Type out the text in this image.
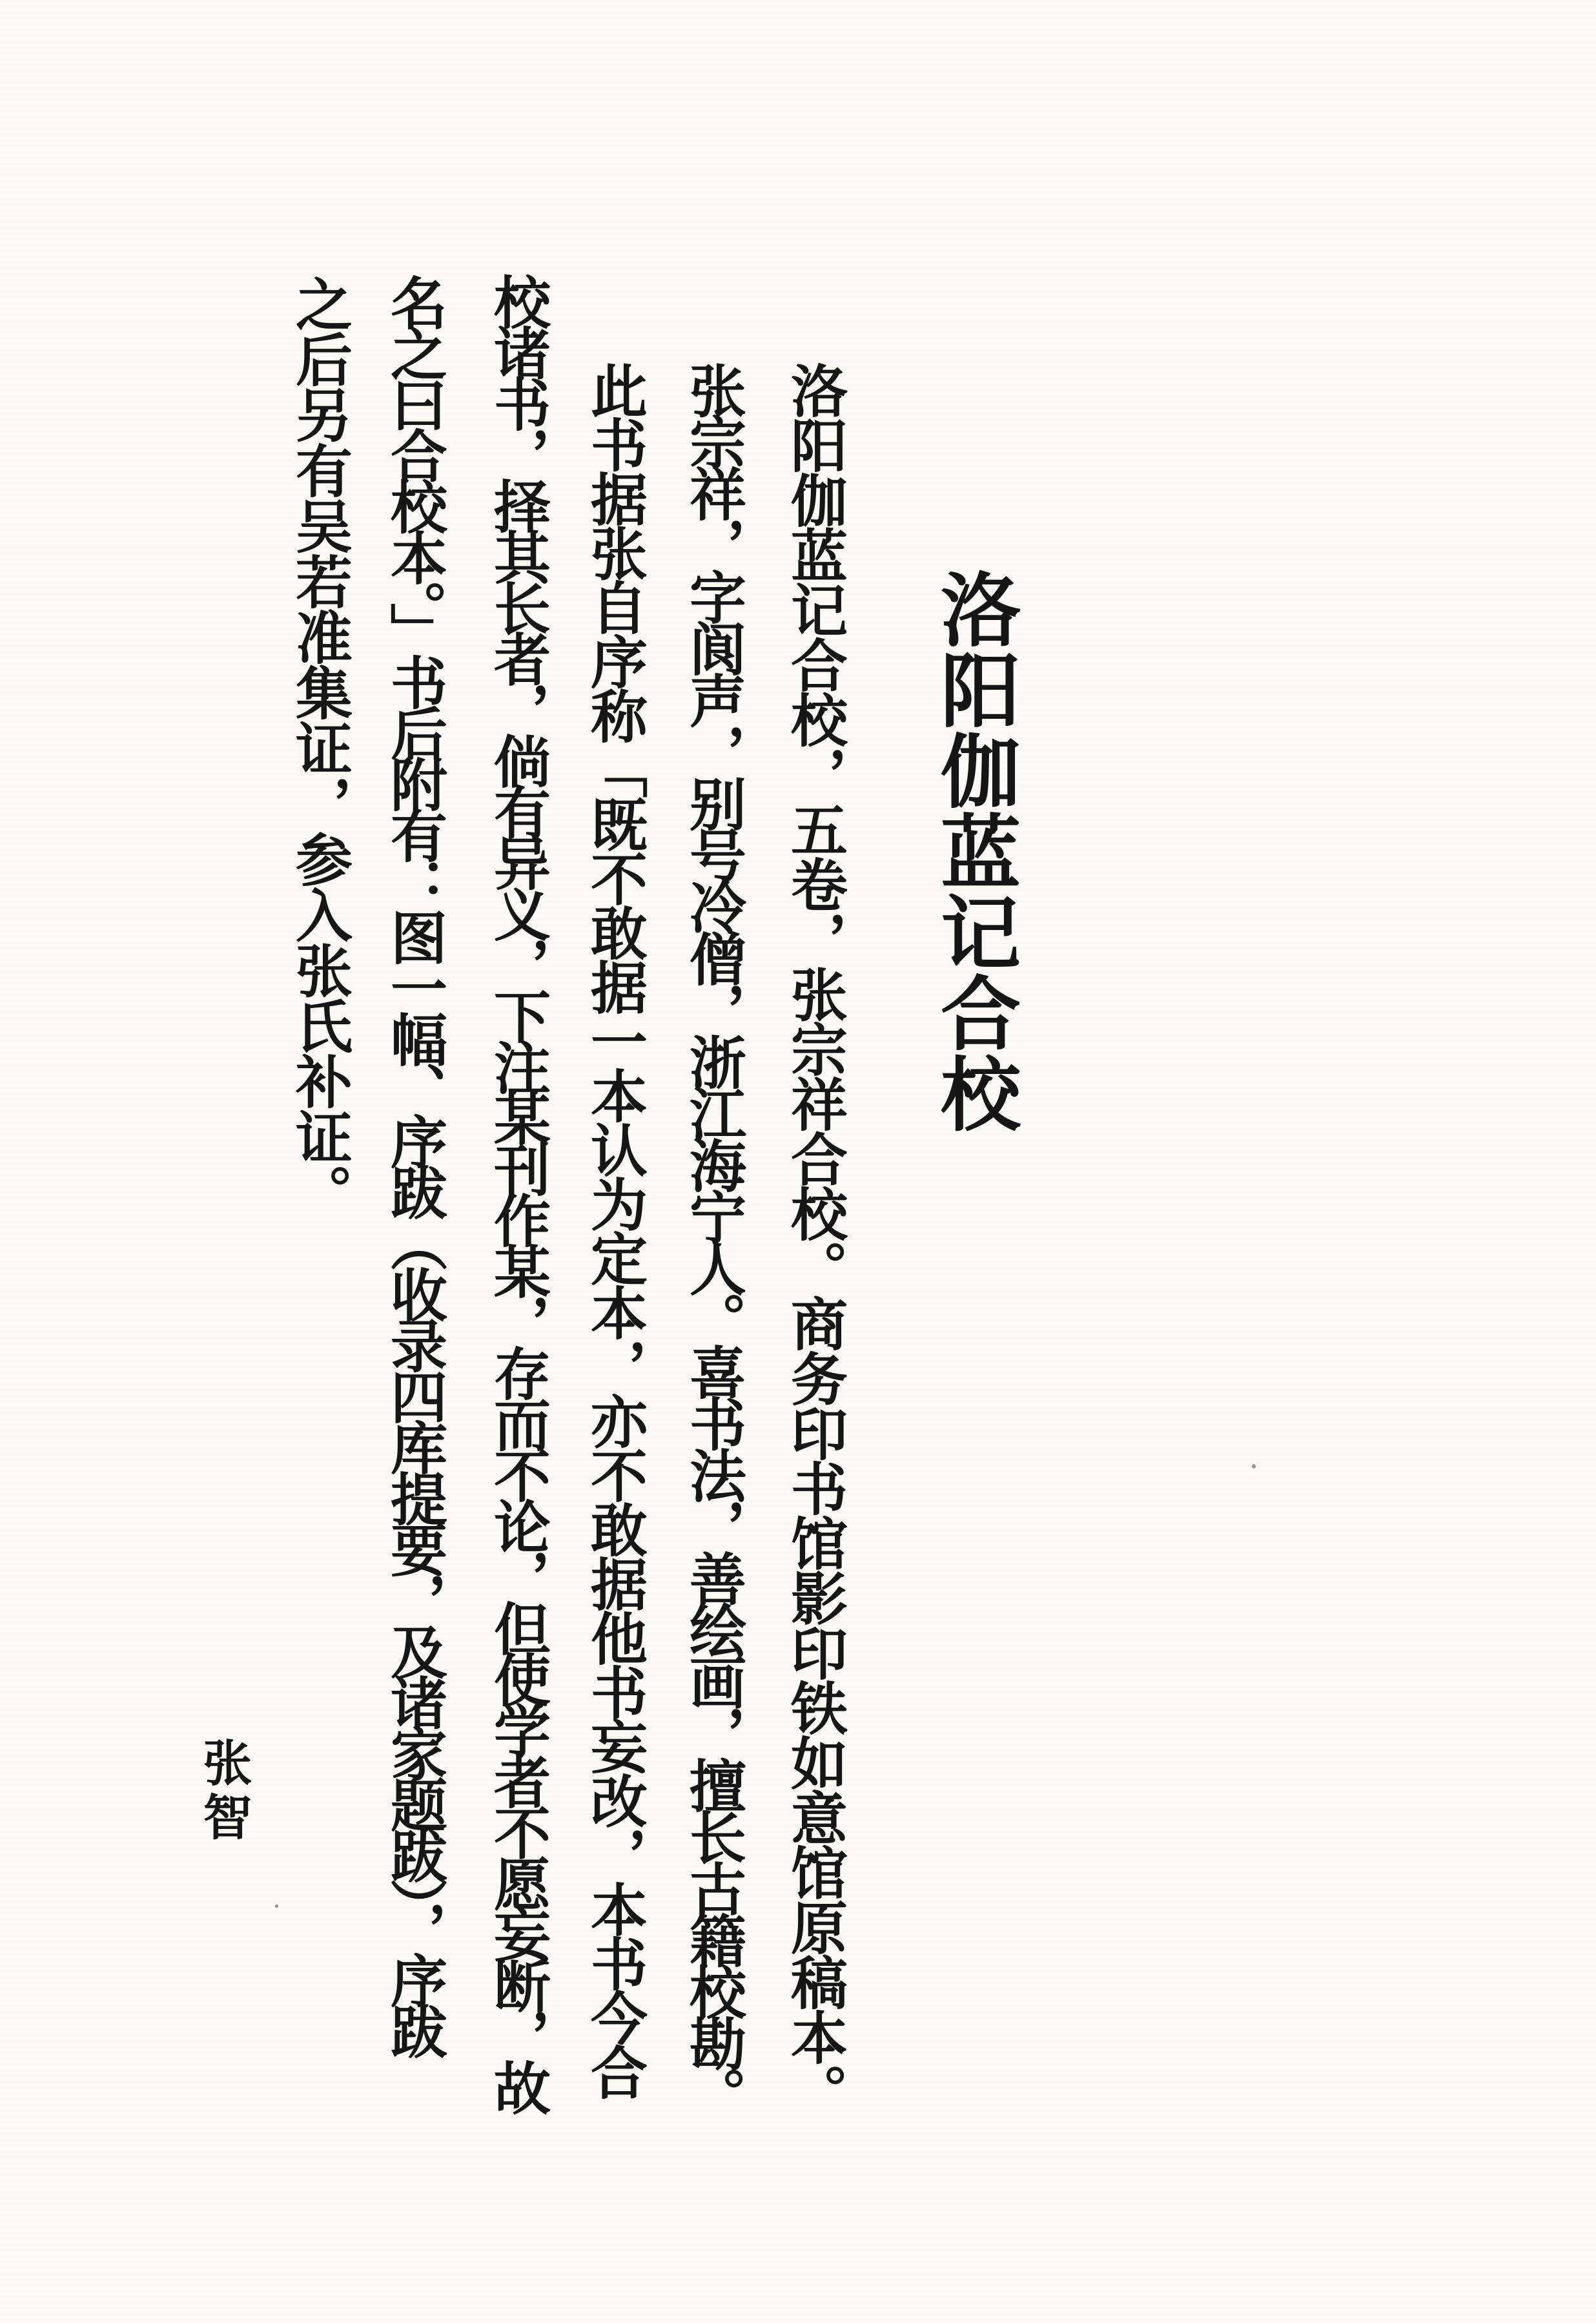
洛阳伽蓝记合校
洛阳伽蓝记合校，五卷，张宗祥合校。商务印书馆影印铁如意馆原稿本。
张宗祥，字阆声，别号冷僧，浙江海宁人。喜书法，善绘画，擅长古籍校勘。
此书据张自序称「既不敢据一本认为定本，亦不敢据他书妄改，本书今合
校诸书，择其长者，倘有异义，下注某刊作某，存而不论，但使学者不愿妄断，故
名之曰合校本。」书后附有：图一幅、序跋（收录四库提要，及诸家题跋），序跋
之后另有吴若准集证，参入张氏补证。
张智
